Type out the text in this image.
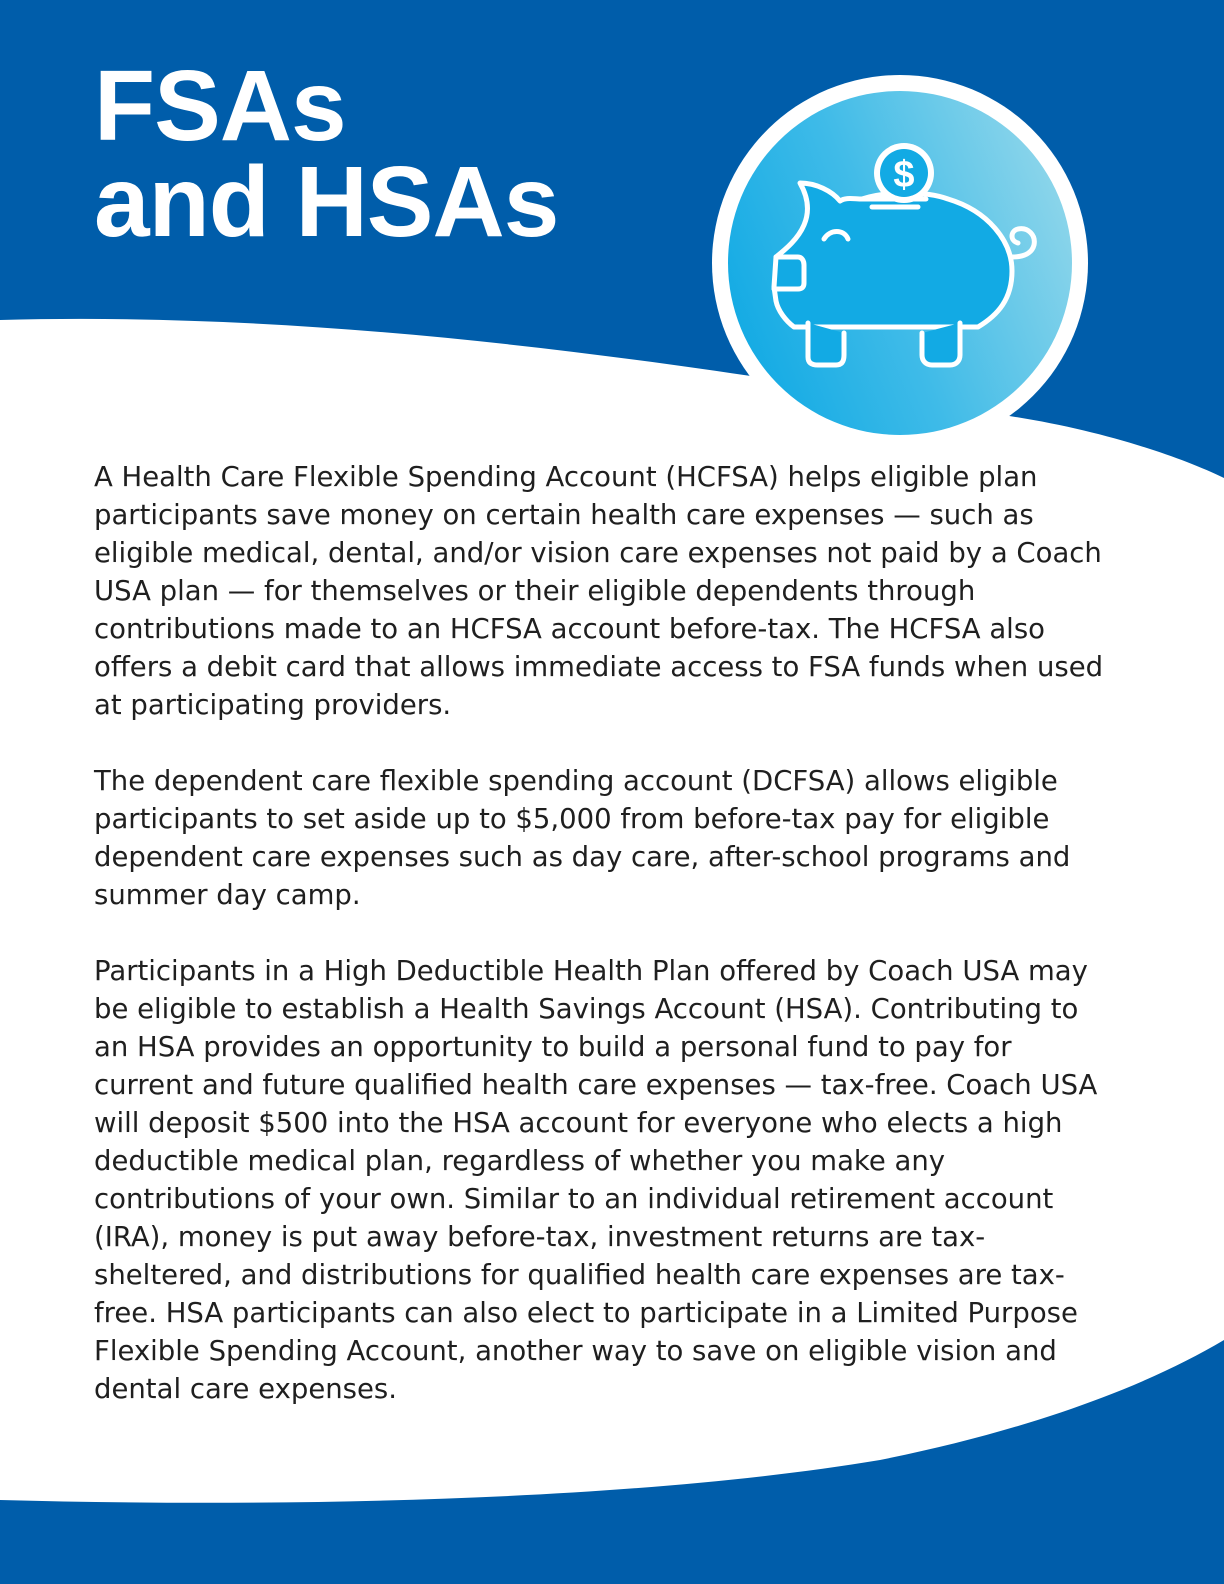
FSAs
and HSAs	$

A Health Care Flexible Spending Account (HCFSA) helps eligible plan participants save money on certain health care expenses — such as eligible medical, dental, and/or vision care expenses not paid by a Coach USA plan — for themselves or their eligible dependents through contributions made to an HCFSA account before-tax. The HCFSA also offers a debit card that allows immediate access to FSA funds when used at participating providers.

The dependent care flexible spending account (DCFSA) allows eligible participants to set aside up to $5,000 from before-tax pay for eligible dependent care expenses such as day care, after-school programs and summer day camp.

Participants in a High Deductible Health Plan offered by Coach USA may be eligible to establish a Health Savings Account (HSA). Contributing to an HSA provides an opportunity to build a personal fund to pay for current and future qualified health care expenses — tax-free. Coach USA will deposit $500 into the HSA account for everyone who elects a high deductible medical plan, regardless of whether you make any contributions of your own. Similar to an individual retirement account (IRA), money is put away before-tax, investment returns are tax-sheltered, and distributions for qualified health care expenses are tax-free. HSA participants can also elect to participate in a Limited Purpose Flexible Spending Account, another way to save on eligible vision and dental care expenses.
